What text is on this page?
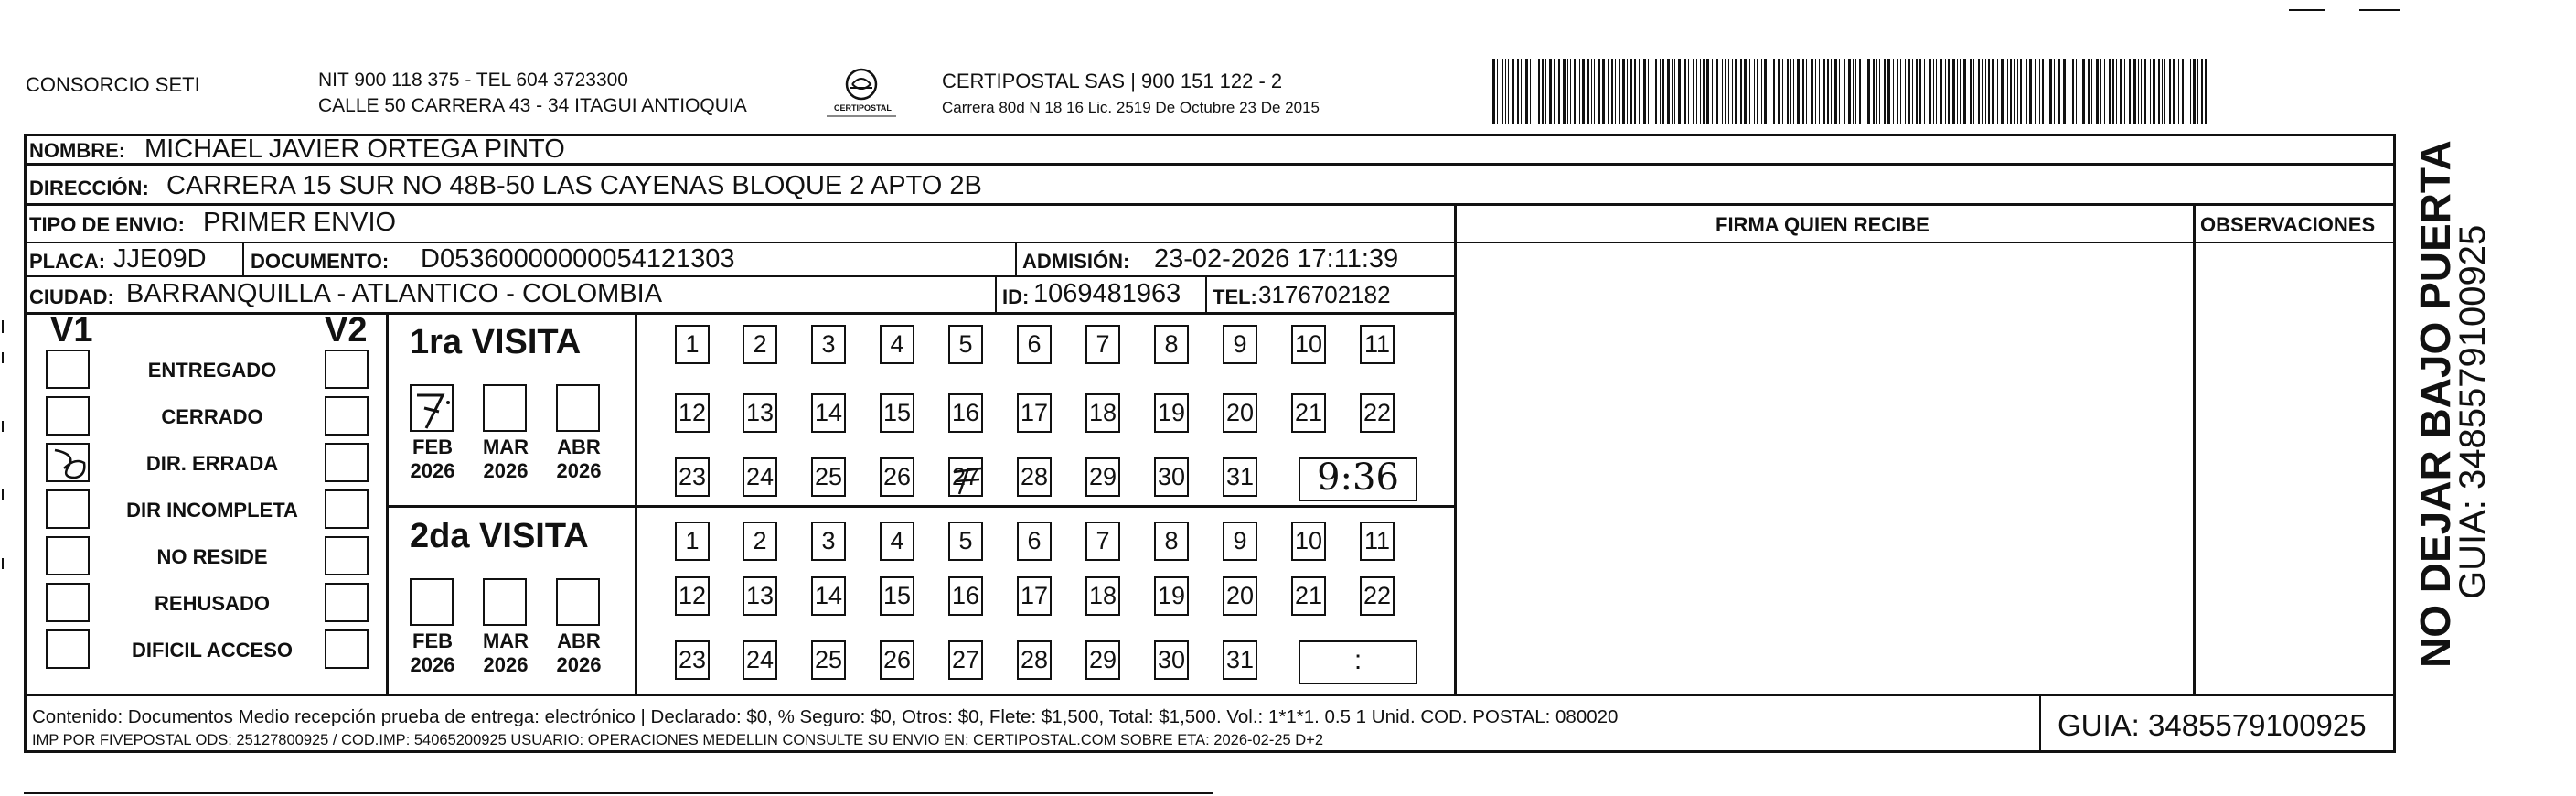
CONSORCIO SETI	NIT 900 118 375 - TEL 604 3723300
CALLE 50 CARRERA 43 - 34 ITAGUI ANTIOQUIA	CERTIPOSTAL
CERTIPOSTAL SAS | 900 151 122 - 2
Carrera 80d N 18 16 Lic. 2519 De Octubre 23 De 2015
NOMBRE: MICHAEL JAVIER ORTEGA PINTO
DIRECCIÓN: CARRERA 15 SUR NO 48B-50 LAS CAYENAS BLOQUE 2 APTO 2B
TIPO DE ENVIO: PRIMER ENVIO	FIRMA QUIEN RECIBE	OBSERVACIONES
PLACA: JJE09D DOCUMENTO: D05360000000054121303	ADMISIÓN: 23-02-2026 17:11:39
CIUDAD: BARRANQUILLA - ATLANTICO - COLOMBIA	ID: 1069481963 TEL: 3176702182
V1	V2
ENTREGADO
CERRADO
DIR. ERRADA
DIR INCOMPLETA
NO RESIDE
REHUSADO
DIFICIL ACCESO
1ra VISITA
FEB
2026
MAR
2026
ABR
2026
1	2	3	4	5	6	7	8	9	10 11
12 13 14 15 16 17 18 19 20 21 22
23 24 25 26 27 28 29 30 31	9:36
2da VISITA
FEB
2026
MAR
2026
ABR
2026
1	2	3	4	5	6	7	8	9	10 11
12 13 14 15 16 17 18 19 20 21 22
23 24 25 26 27 28 29 30 31	:
Contenido: Documentos Medio recepción prueba de entrega: electrónico | Declarado: $0, % Seguro: $0, Otros: $0, Flete: $1,500, Total: $1,500. Vol.: 1*1*1. 0.5 1 Unid. COD. POSTAL: 080020
IMP POR FIVEPOSTAL ODS: 25127800925 / COD.IMP: 54065200925 USUARIO: OPERACIONES MEDELLIN CONSULTE SU ENVIO EN: CERTIPOSTAL.COM SOBRE ETA: 2026-02-25 D+2	GUIA: 3485579100925
NO DEJAR BAJO PUERTA
GUIA: 3485579100925
